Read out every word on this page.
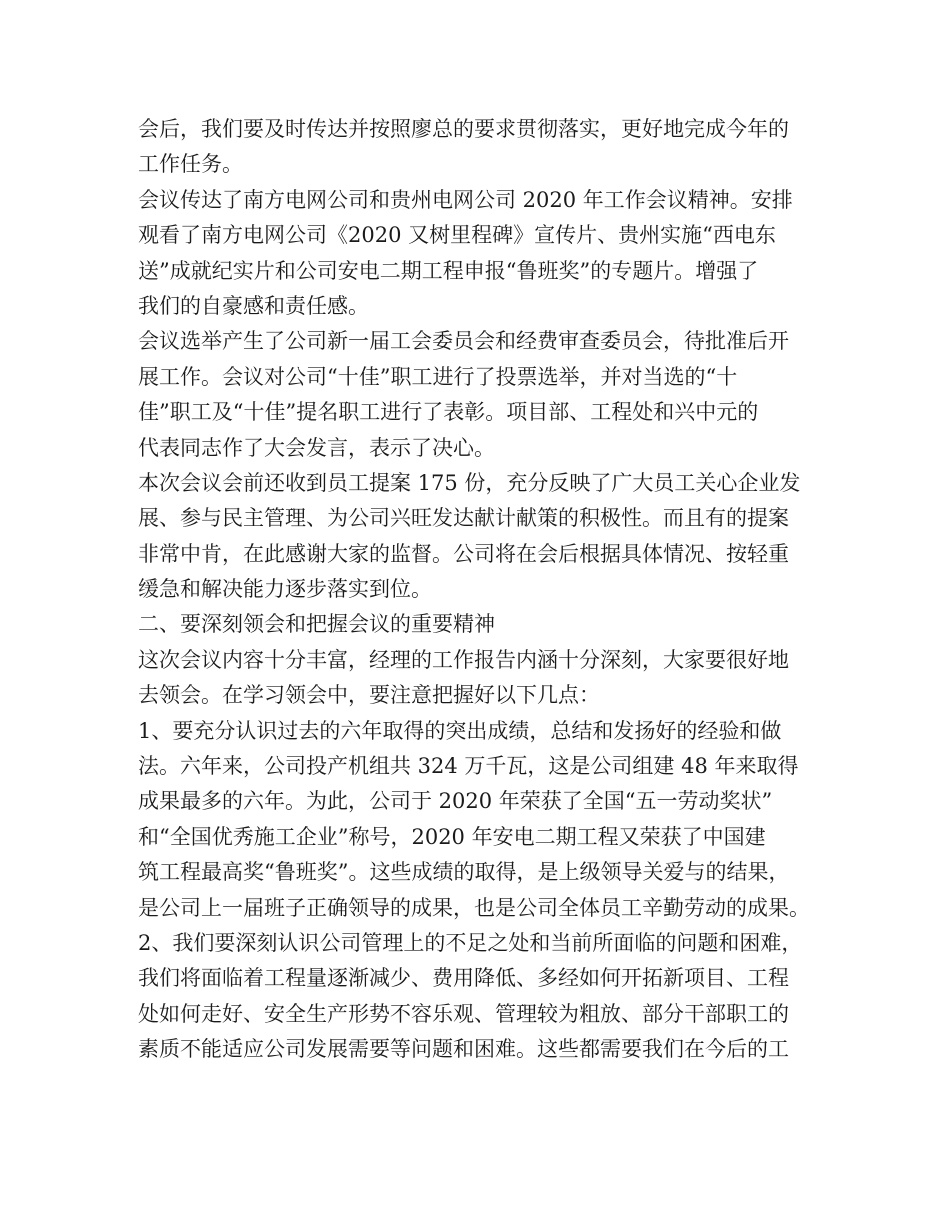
会后，我们要及时传达并按照廖总的要求贯彻落实，更好地完成今年的
工作任务。
会议传达了南方电网公司和贵州电网公司 2020 年工作会议精神。安排
观看了南方电网公司《2020 又树里程碑》宣传片、贵州实施“西电东
送”成就纪实片和公司安电二期工程申报“鲁班奖”的专题片。增强了
我们的自豪感和责任感。
会议选举产生了公司新一届工会委员会和经费审查委员会，待批准后开
展工作。会议对公司“十佳”职工进行了投票选举，并对当选的“十
佳”职工及“十佳”提名职工进行了表彰。项目部、工程处和兴中元的
代表同志作了大会发言，表示了决心。
本次会议会前还收到员工提案 175 份，充分反映了广大员工关心企业发
展、参与民主管理、为公司兴旺发达献计献策的积极性。而且有的提案
非常中肯，在此感谢大家的监督。公司将在会后根据具体情况、按轻重
缓急和解决能力逐步落实到位。
二、要深刻领会和把握会议的重要精神
这次会议内容十分丰富，经理的工作报告内涵十分深刻，大家要很好地
去领会。在学习领会中，要注意把握好以下几点：
1、要充分认识过去的六年取得的突出成绩，总结和发扬好的经验和做
法。六年来，公司投产机组共 324 万千瓦，这是公司组建 48 年来取得
成果最多的六年。为此，公司于 2020 年荣获了全国“五一劳动奖状”
和“全国优秀施工企业”称号，2020 年安电二期工程又荣获了中国建
筑工程最高奖“鲁班奖”。这些成绩的取得，是上级领导关爱与的结果，
是公司上一届班子正确领导的成果，也是公司全体员工辛勤劳动的成果。
2、我们要深刻认识公司管理上的不足之处和当前所面临的问题和困难，
我们将面临着工程量逐渐减少、费用降低、多经如何开拓新项目、工程
处如何走好、安全生产形势不容乐观、管理较为粗放、部分干部职工的
素质不能适应公司发展需要等问题和困难。这些都需要我们在今后的工
